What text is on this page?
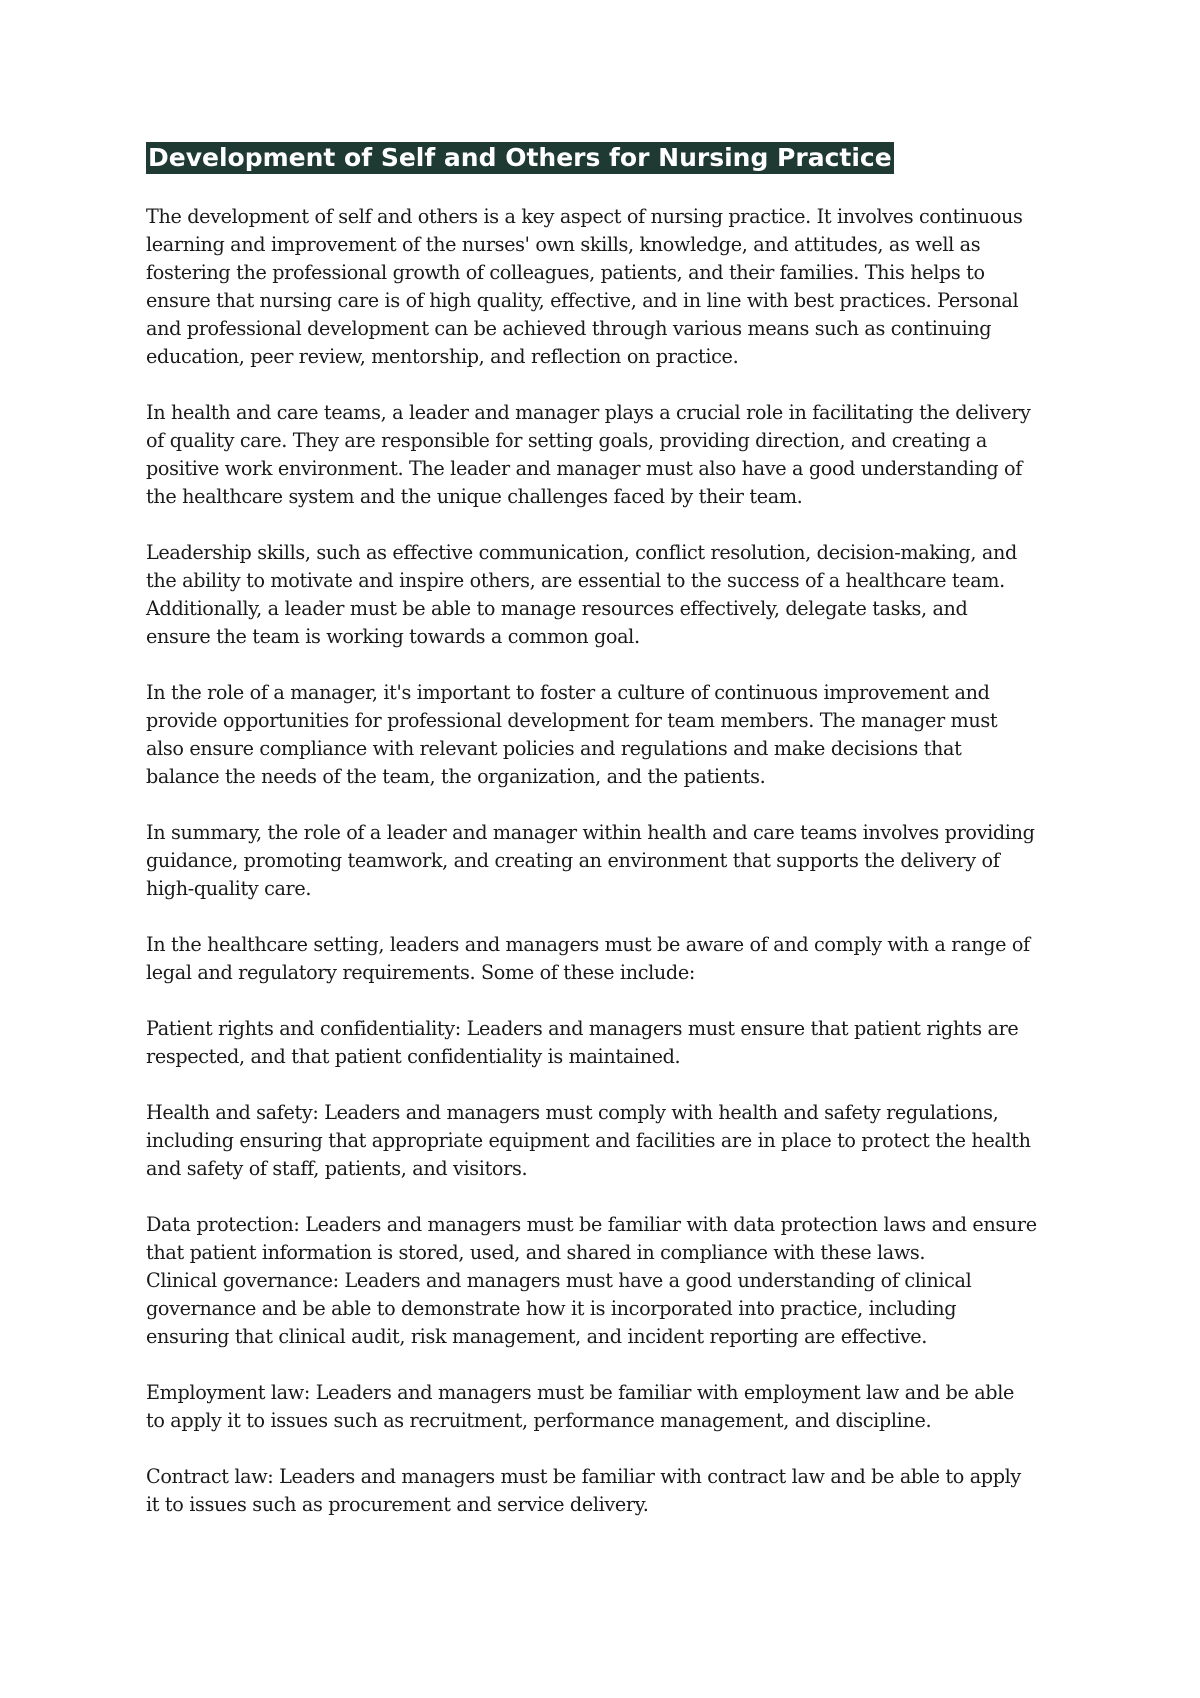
Development of Self and Others for Nursing Practice

The development of self and others is a key aspect of nursing practice. It involves continuous
learning and improvement of the nurses' own skills, knowledge, and attitudes, as well as
fostering the professional growth of colleagues, patients, and their families. This helps to
ensure that nursing care is of high quality, effective, and in line with best practices. Personal
and professional development can be achieved through various means such as continuing
education, peer review, mentorship, and reflection on practice.

In health and care teams, a leader and manager plays a crucial role in facilitating the delivery
of quality care. They are responsible for setting goals, providing direction, and creating a
positive work environment. The leader and manager must also have a good understanding of
the healthcare system and the unique challenges faced by their team.

Leadership skills, such as effective communication, conflict resolution, decision-making, and
the ability to motivate and inspire others, are essential to the success of a healthcare team.
Additionally, a leader must be able to manage resources effectively, delegate tasks, and
ensure the team is working towards a common goal.

In the role of a manager, it's important to foster a culture of continuous improvement and
provide opportunities for professional development for team members. The manager must
also ensure compliance with relevant policies and regulations and make decisions that
balance the needs of the team, the organization, and the patients.

In summary, the role of a leader and manager within health and care teams involves providing
guidance, promoting teamwork, and creating an environment that supports the delivery of
high-quality care.

In the healthcare setting, leaders and managers must be aware of and comply with a range of
legal and regulatory requirements. Some of these include:

Patient rights and confidentiality: Leaders and managers must ensure that patient rights are
respected, and that patient confidentiality is maintained.

Health and safety: Leaders and managers must comply with health and safety regulations,
including ensuring that appropriate equipment and facilities are in place to protect the health
and safety of staff, patients, and visitors.

Data protection: Leaders and managers must be familiar with data protection laws and ensure
that patient information is stored, used, and shared in compliance with these laws.

Clinical governance: Leaders and managers must have a good understanding of clinical
governance and be able to demonstrate how it is incorporated into practice, including
ensuring that clinical audit, risk management, and incident reporting are effective.

Employment law: Leaders and managers must be familiar with employment law and be able
to apply it to issues such as recruitment, performance management, and discipline.

Contract law: Leaders and managers must be familiar with contract law and be able to apply
it to issues such as procurement and service delivery.
